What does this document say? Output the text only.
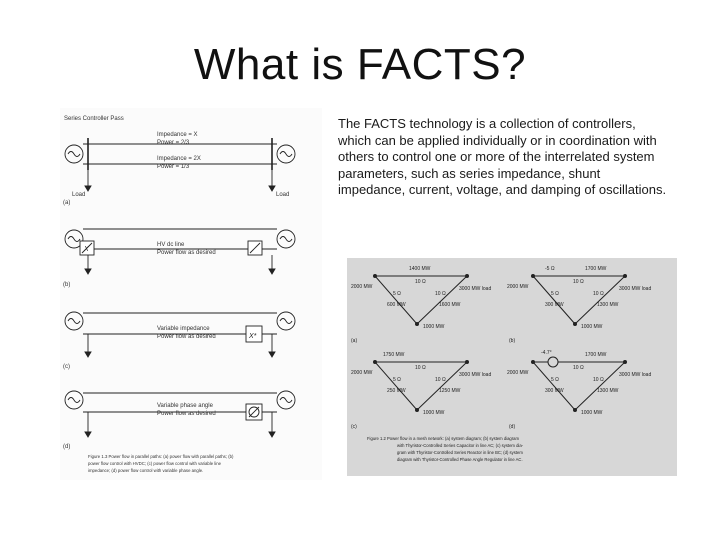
What is FACTS?
The FACTS technology is a collection of controllers, which can be applied individually or in coordination with others to control one or more of the interrelated system parameters, such as series impedance, shunt impedance, current, voltage, and damping of oscillations.
Series Controller Pass
Impedance = X
Power = 2/3
Impedance = 2X
Power = 1/3
Load	Load
(a)
X
HV dc line
Power flow as desired
(b)
X*
Variable impedance
Power flow as desired
(c)
Variable phase angle
Power flow as desired
(d)
Figure 1.3 Power flow in parallel paths: (a) power flow with parallel paths; (b)
power flow control with HVDC; (c) power flow control with variable line
impedance; (d) power flow control with variable phase angle.
1400 MW
10 Ω
2000 MW	3000 MW load
5 Ω
600 MW
10 Ω
1600 MW
1000 MW
(a)
-5 Ω	1700 MW
10 Ω
2000 MW	3000 MW load
5 Ω
300 MW
10 Ω
1300 MW
1000 MW
(b)
1750 MW
10 Ω
2000 MW	3000 MW load
5 Ω
250 MW
10 Ω
1250 MW
1000 MW
(c)
-4.7°	1700 MW
10 Ω
2000 MW	3000 MW load
5 Ω
300 MW
10 Ω
1300 MW
1000 MW
(d)
Figure 1.2 Power flow in a mesh network: (a) system diagram; (b) system diagram
with Thyristor-Controlled Series Capacitor in line AC; (c) system dia-
gram with Thyristor-Controlled Series Reactor in line BC; (d) system
diagram with Thyristor-Controlled Phase Angle Regulator in line AC.
